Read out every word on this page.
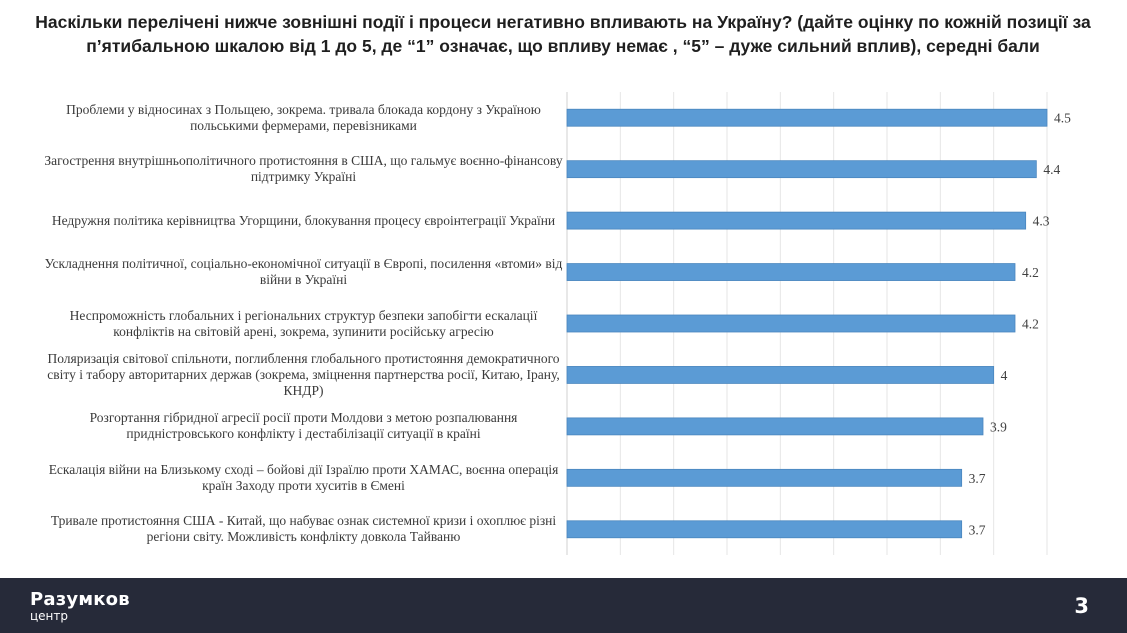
Наскільки перелічені нижче зовнішні події і процеси негативно впливають на Україну? (дайте оцінку по кожній позиції за п’ятибальною шкалою від 1 до 5, де “1” означає, що впливу немає , “5” – дуже сильний вплив), середні бали
4.5
4.4
4.3
4.2
4.2
4
3.9
3.7
3.7
Проблеми у відносинах з Польщею, зокрема. тривала блокада кордону з Україною польськими фермерами, перевізниками
Загострення внутрішньополітичного протистояння в США, що гальмує воєнно-фінансову підтримку Україні
Недружня політика керівництва Угорщини, блокування процесу євроінтеграції України
Ускладнення політичної, соціально-економічної ситуації в Європі, посилення «втоми» від війни в Україні
Неспроможність глобальних і регіональних структур безпеки запобігти ескалації конфліктів на світовій арені, зокрема, зупинити російську агресію
Поляризація світової спільноти, поглиблення глобального протистояння демократичного світу і табору авторитарних держав (зокрема, зміцнення партнерства росії, Китаю, Ірану, КНДР)
Розгортання гібридної агресії росії проти Молдови з метою розпалювання придністровського конфлікту і дестабілізації ситуації в країні
Ескалація війни на Близькому сході – бойові дії Ізраїлю проти ХАМАС, воєнна операція країн Заходу проти хуситів в Ємені
Тривале протистояння США - Китай, що набуває ознак системної кризи і охоплює різні регіони світу. Можливість конфлікту довкола Тайваню
Разумков
центр	3
